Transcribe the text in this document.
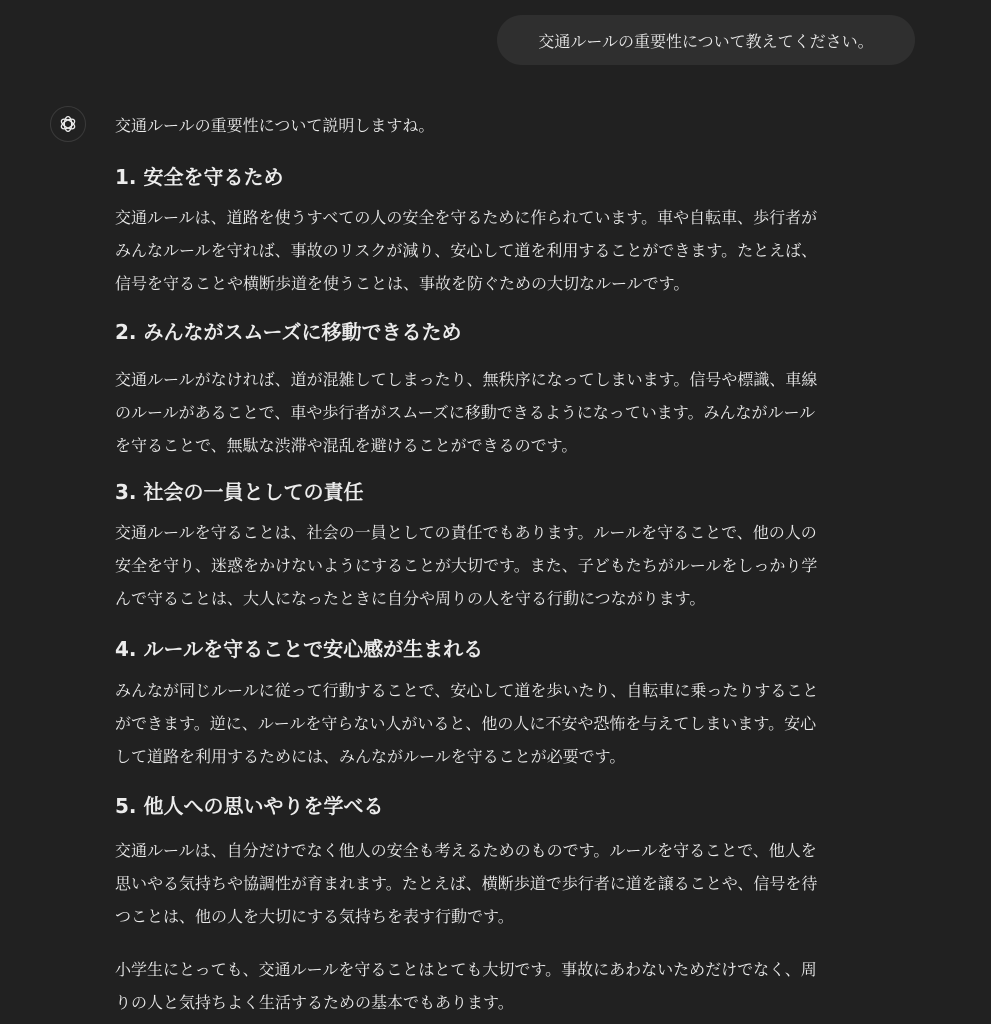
交通ルールの重要性について教えてください。
交通ルールの重要性について説明しますね。
1. 安全を守るため
交通ルールは、道路を使うすべての人の安全を守るために作られています。車や自転車、歩行者が
みんなルールを守れば、事故のリスクが減り、安心して道を利用することができます。たとえば、
信号を守ることや横断歩道を使うことは、事故を防ぐための大切なルールです。
2. みんながスムーズに移動できるため
交通ルールがなければ、道が混雑してしまったり、無秩序になってしまいます。信号や標識、車線
のルールがあることで、車や歩行者がスムーズに移動できるようになっています。みんながルール
を守ることで、無駄な渋滞や混乱を避けることができるのです。
3. 社会の一員としての責任
交通ルールを守ることは、社会の一員としての責任でもあります。ルールを守ることで、他の人の
安全を守り、迷惑をかけないようにすることが大切です。また、子どもたちがルールをしっかり学
んで守ることは、大人になったときに自分や周りの人を守る行動につながります。
4. ルールを守ることで安心感が生まれる
みんなが同じルールに従って行動することで、安心して道を歩いたり、自転車に乗ったりすること
ができます。逆に、ルールを守らない人がいると、他の人に不安や恐怖を与えてしまいます。安心
して道路を利用するためには、みんながルールを守ることが必要です。
5. 他人への思いやりを学べる
交通ルールは、自分だけでなく他人の安全も考えるためのものです。ルールを守ることで、他人を
思いやる気持ちや協調性が育まれます。たとえば、横断歩道で歩行者に道を譲ることや、信号を待
つことは、他の人を大切にする気持ちを表す行動です。
小学生にとっても、交通ルールを守ることはとても大切です。事故にあわないためだけでなく、周
りの人と気持ちよく生活するための基本でもあります。
